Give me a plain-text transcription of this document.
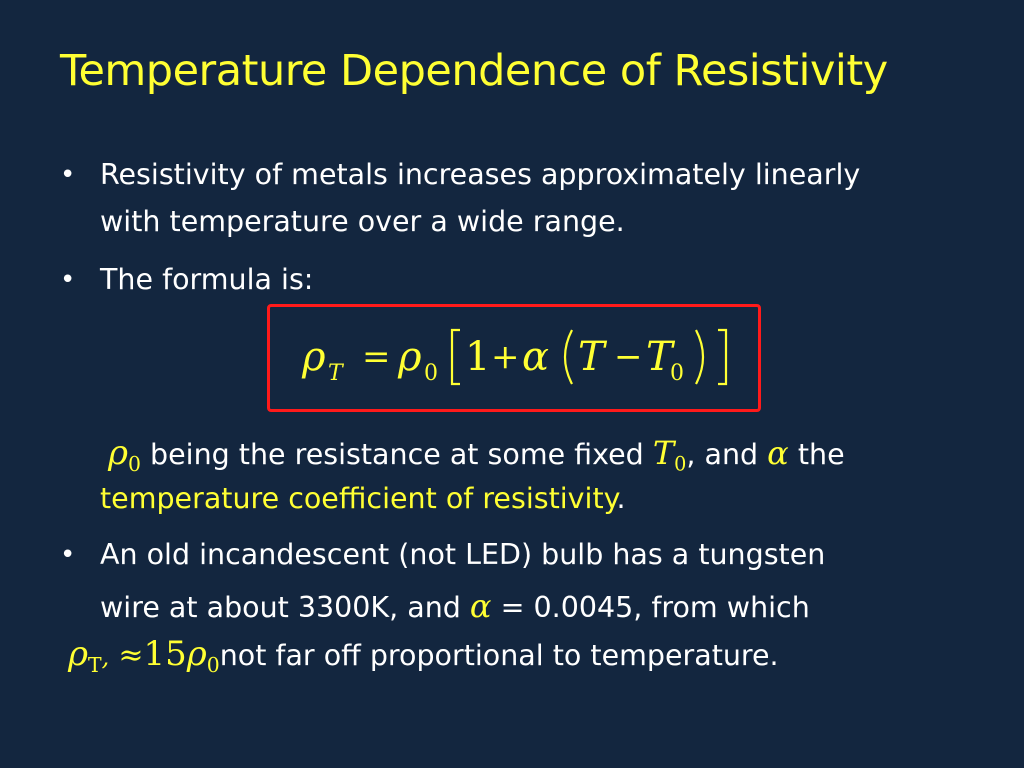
Temperature Dependence of Resistivity
• Resistivity of metals increases approximately linearly
with temperature over a wide range.
• The formula is:
ρ T = ρ 0 1 + α T − T
0
$\rho_0$ being the resistance at some fixed $T_0$, and α the
temperature coefficient of resistivity.
• An old incandescent (not LED) bulb has a tungsten
wire at about 3300K, and α = 0.0045, from which
$\rho_T$, $\approx 15\rho_0not$ far off proportional to temperature.
